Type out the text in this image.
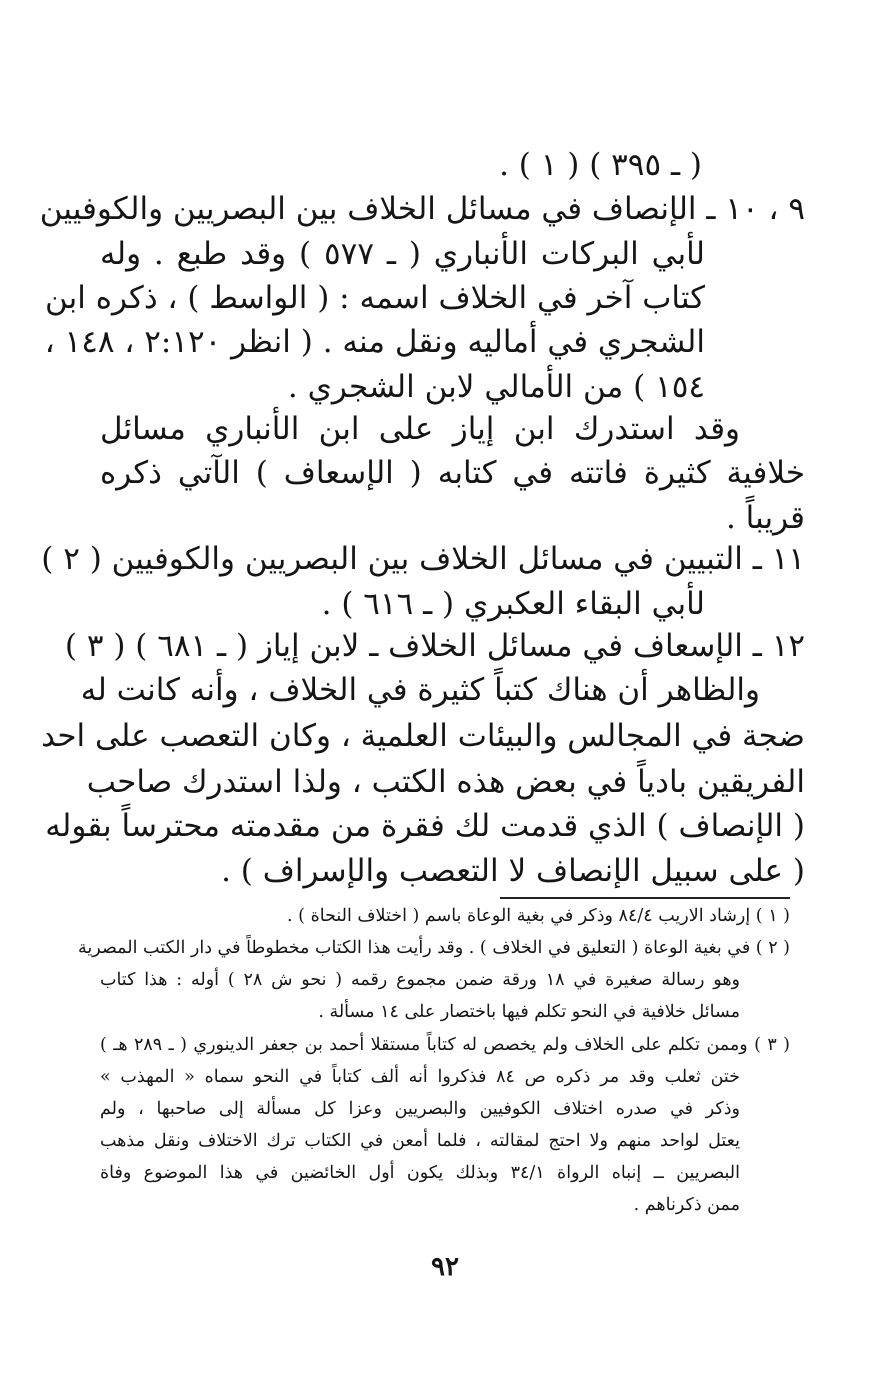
( ـ ٣٩٥ ) ( ١ ) .
٩ ، ١٠ ـ الإنصاف في مسائل الخلاف بين البصريين والكوفيين
لأبي البركات الأنباري ( ـ ٥٧٧ ) وقد طبع . وله
كتاب آخر في الخلاف اسمه : ( الواسط ) ، ذكره ابن
الشجري في أماليه ونقل منه . ( انظر ٢:١٢٠ ، ١٤٨ ،
١٥٤ ) من الأمالي لابن الشجري .
وقد استدرك ابن إياز على ابن الأنباري مسائل
خلافية كثيرة فاتته في كتابه ( الإسعاف ) الآتي ذكره
قريباً .
١١ ـ التبيين في مسائل الخلاف بين البصريين والكوفيين ( ٢ )
لأبي البقاء العكبري ( ـ ٦١٦ ) .
١٢ ـ الإسعاف في مسائل الخلاف ـ لابن إياز ( ـ ٦٨١ ) ( ٣ )
والظاهر أن هناك كتباً كثيرة في الخلاف ، وأنه كانت له
ضجة في المجالس والبيئات العلمية ، وكان التعصب على احد
الفريقين بادياً في بعض هذه الكتب ، ولذا استدرك صاحب
( الإنصاف ) الذي قدمت لك فقرة من مقدمته محترساً بقوله
( على سبيل الإنصاف لا التعصب والإسراف ) .
( ١ ) إرشاد الاريب ٨٤/٤ وذكر في بغية الوعاة باسم ( اختلاف النحاة ) .
( ٢ ) في بغية الوعاة ( التعليق في الخلاف ) . وقد رأيت هذا الكتاب مخطوطاً في دار الكتب المصرية
وهو رسالة صغيرة في ١٨ ورقة ضمن مجموع رقمه ( نحو ش ٢٨ ) أوله : هذا كتاب
مسائل خلافية في النحو تكلم فيها باختصار على ١٤ مسألة .
( ٣ ) وممن تكلم على الخلاف ولم يخصص له كتاباً مستقلا أحمد بن جعفر الدينوري ( ـ ٢٨٩ هـ )
ختن ثعلب وقد مر ذكره ص ٨٤ فذكروا أنه ألف كتاباً في النحو سماه « المهذب »
وذكر في صدره اختلاف الكوفيين والبصريين وعزا كل مسألة إلى صاحبها ، ولم
يعتل لواحد منهم ولا احتج لمقالته ، فلما أمعن في الكتاب ترك الاختلاف ونقل مذهب
البصريين ــ إنباه الرواة ٣٤/١ وبذلك يكون أول الخائضين في هذا الموضوع وفاة
ممن ذكرناهم .
٩٢
